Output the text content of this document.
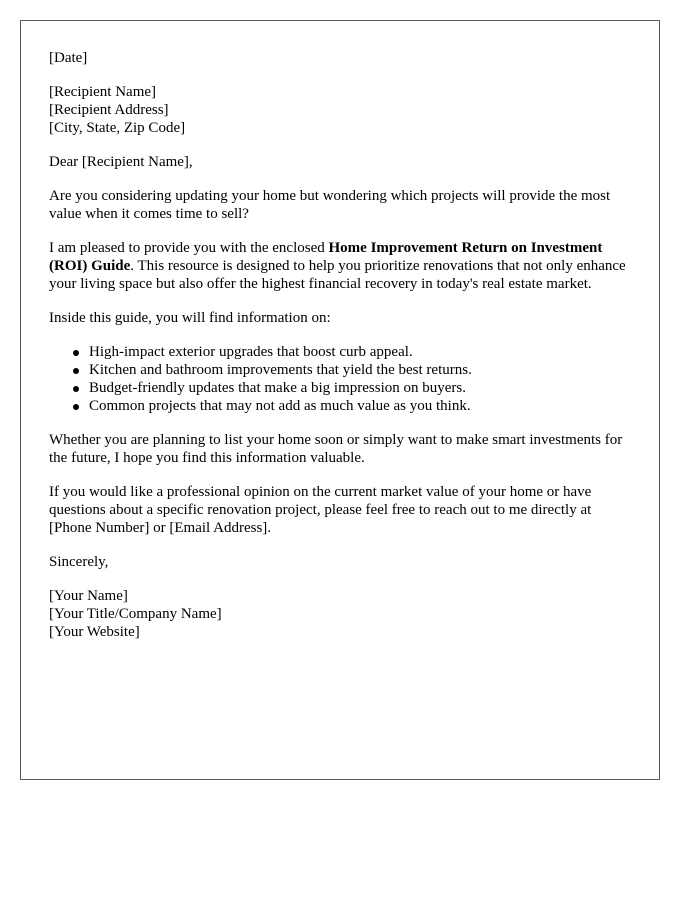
[Date]

[Recipient Name]
[Recipient Address]
[City, State, Zip Code]

Dear [Recipient Name],

Are you considering updating your home but wondering which projects will provide the most value when it comes time to sell?

I am pleased to provide you with the enclosed Home Improvement Return on Investment (ROI) Guide. This resource is designed to help you prioritize renovations that not only enhance your living space but also offer the highest financial recovery in today's real estate market.

Inside this guide, you will find information on:

High-impact exterior upgrades that boost curb appeal.
Kitchen and bathroom improvements that yield the best returns.
Budget-friendly updates that make a big impression on buyers.
Common projects that may not add as much value as you think.

Whether you are planning to list your home soon or simply want to make smart investments for the future, I hope you find this information valuable.

If you would like a professional opinion on the current market value of your home or have questions about a specific renovation project, please feel free to reach out to me directly at [Phone Number] or [Email Address].

Sincerely,

[Your Name]
[Your Title/Company Name]
[Your Website]
